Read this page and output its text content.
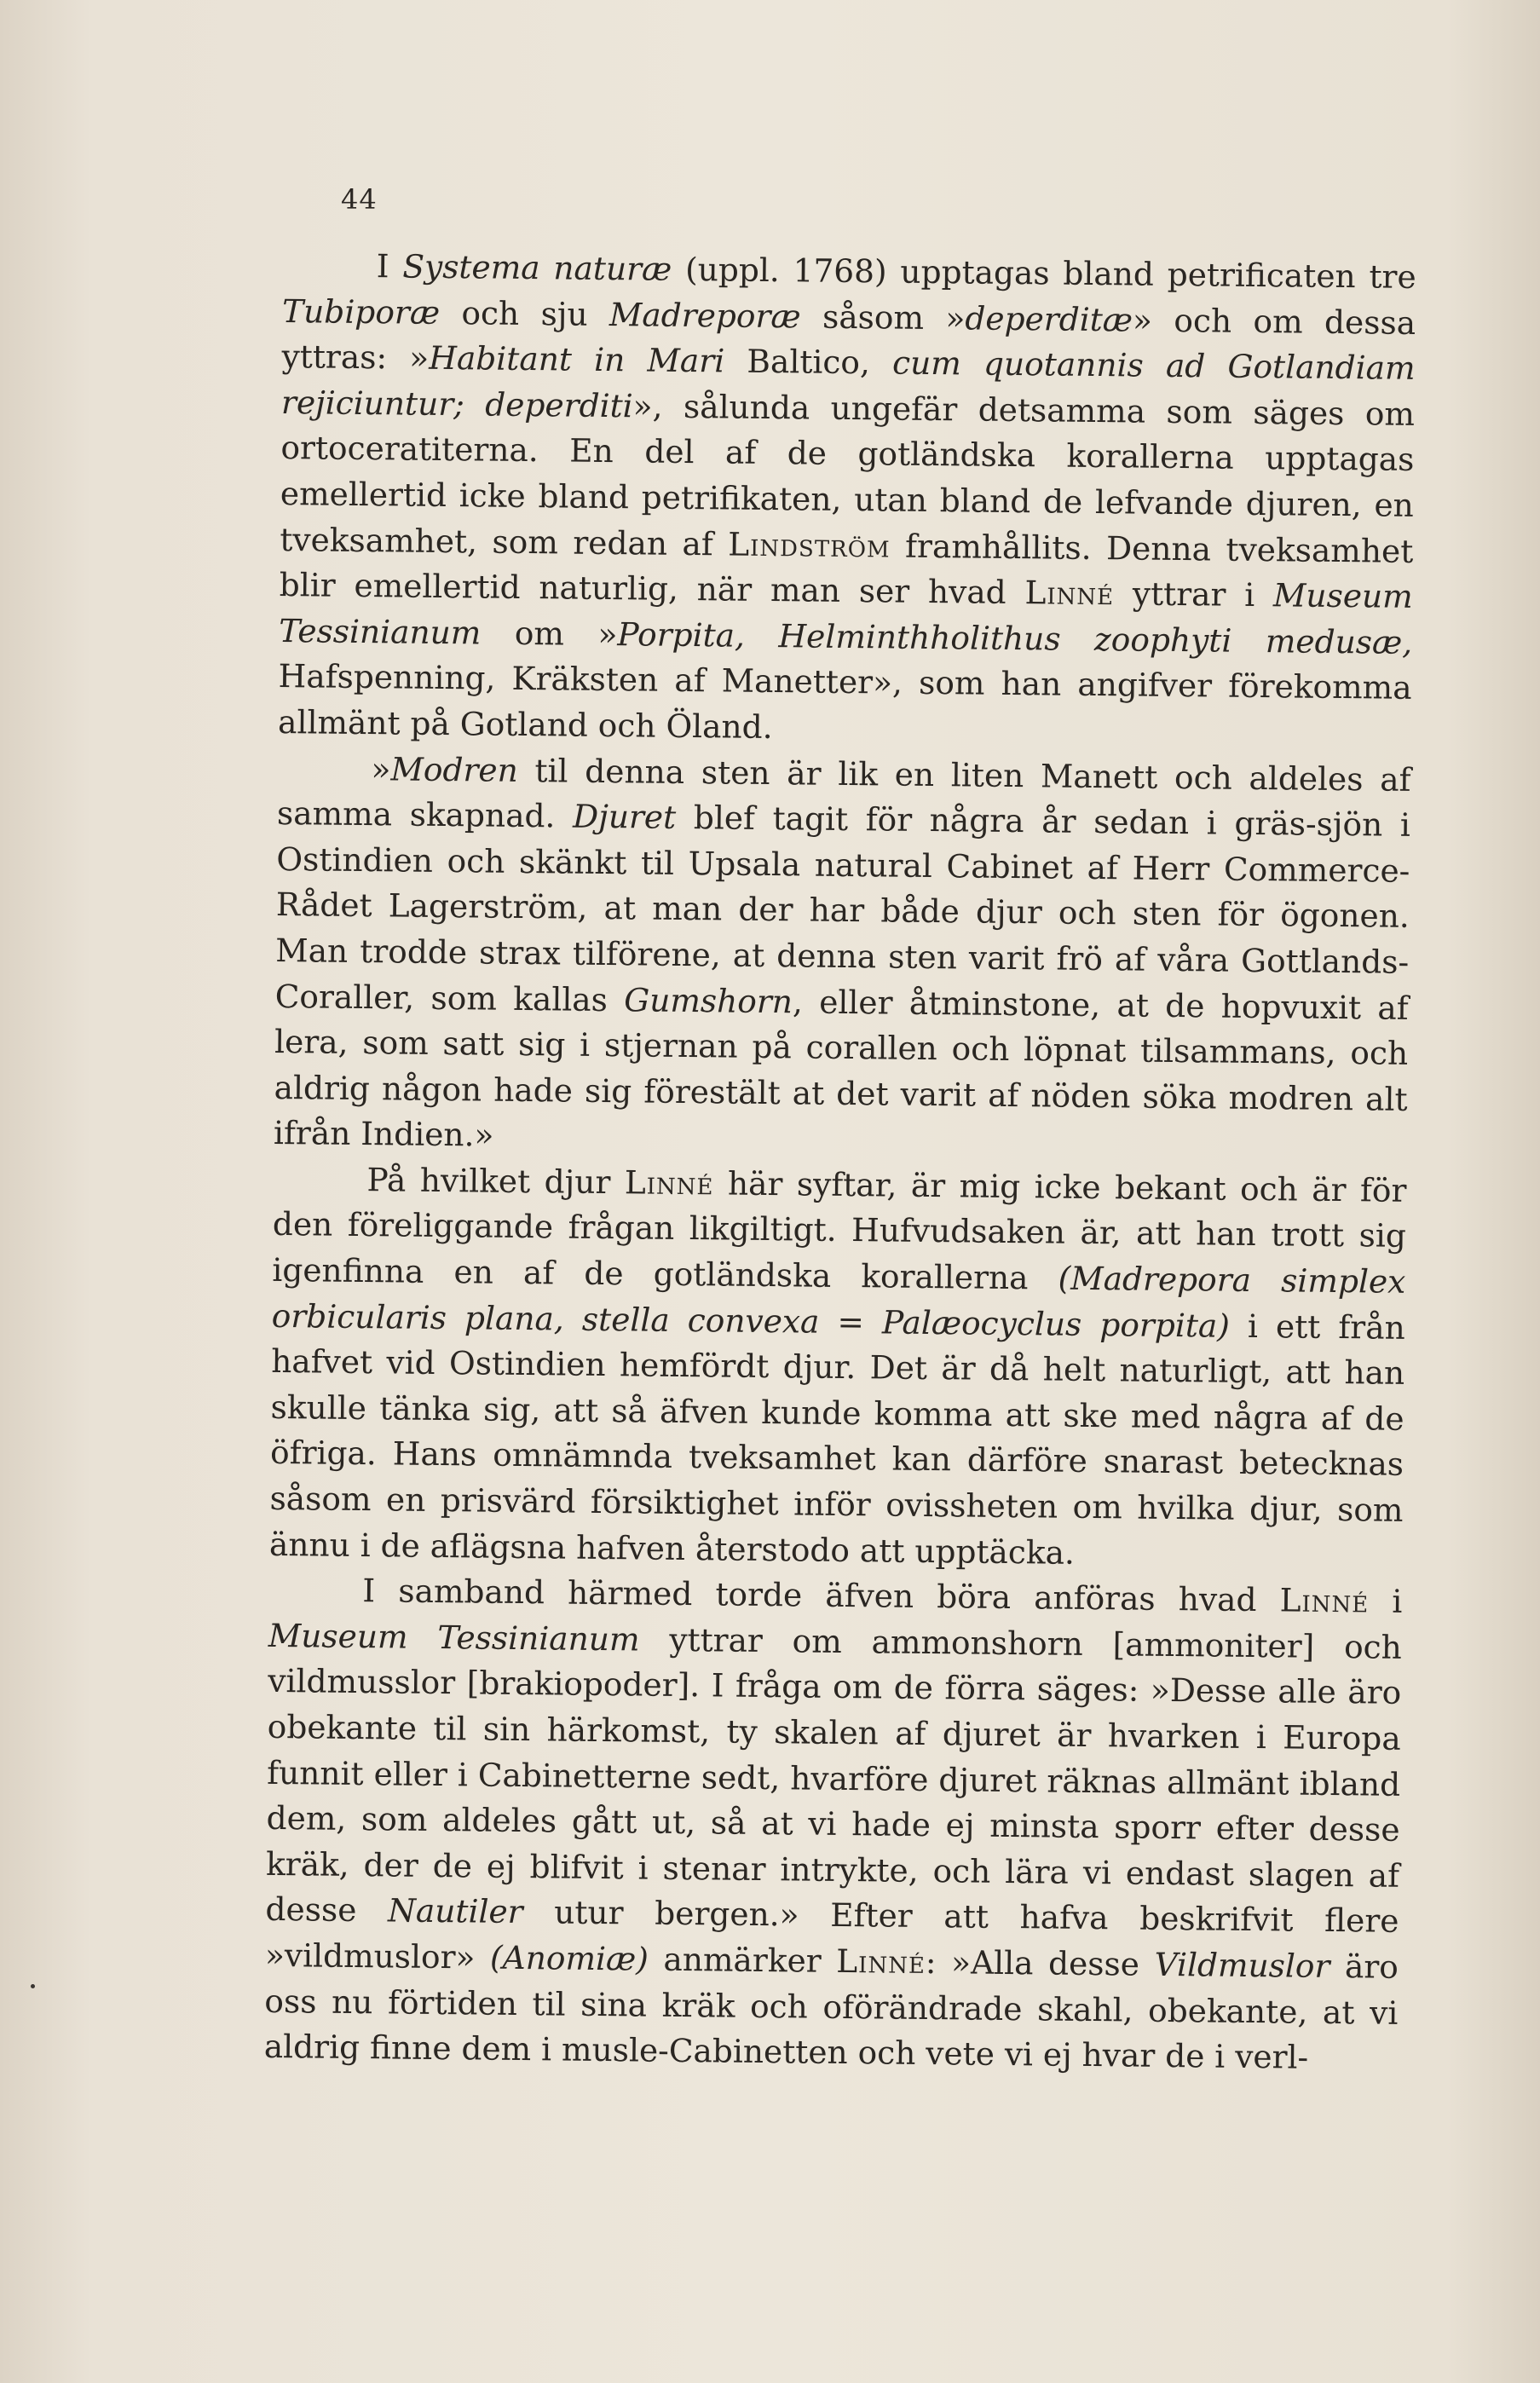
44

I Systema naturæ (uppl. 1768) upptagas bland petrificaten tre Tubiporæ och sju Madreporæ såsom »deperditæ» och om dessa yttras: »Habitant in Mari Baltico, cum quotannis ad Gotlandiam rejiciuntur; deperditi», sålunda ungefär detsamma som säges om ortoceratiterna. En del af de gotländska korallerna upptagas emellertid icke bland petrifikaten, utan bland de lefvande djuren, en tveksamhet, som redan af Lindström framhållits. Denna tveksamhet blir emellertid naturlig, när man ser hvad Linné yttrar i Museum Tessinianum om »Porpita, Helminthholithus zoophyti medusæ, Hafspenning, Kräksten af Manetter», som han angifver förekomma allmänt på Gotland och Öland.

»Modren til denna sten är lik en liten Manett och aldeles af samma skapnad. Djuret blef tagit för några år sedan i gräs-sjön i Ostindien och skänkt til Upsala natural Cabinet af Herr Commerce-Rådet Lagerström, at man der har både djur och sten för ögonen. Man trodde strax tilförene, at denna sten varit frö af våra Gottlands-Coraller, som kallas Gumshorn, eller åtminstone, at de hopvuxit af lera, som satt sig i stjernan på corallen och löpnat tilsammans, och aldrig någon hade sig förestält at det varit af nöden söka modren alt ifrån Indien.»

På hvilket djur Linné här syftar, är mig icke bekant och är för den föreliggande frågan likgiltigt. Hufvudsaken är, att han trott sig igenfinna en af de gotländska korallerna (Madrepora simplex orbicularis plana, stella convexa = Palæocyclus porpita) i ett från hafvet vid Ostindien hemfördt djur. Det är då helt naturligt, att han skulle tänka sig, att så äfven kunde komma att ske med några af de öfriga. Hans omnämnda tveksamhet kan därföre snarast betecknas såsom en prisvärd försiktighet inför ovissheten om hvilka djur, som ännu i de aflägsna hafven återstodo att upptäcka.

I samband härmed torde äfven böra anföras hvad Linné i Museum Tessinianum yttrar om ammonshorn [ammoniter] och vildmusslor [brakiopoder]. I fråga om de förra säges: »Desse alle äro obekante til sin härkomst, ty skalen af djuret är hvarken i Europa funnit eller i Cabinetterne sedt, hvarföre djuret räknas allmänt ibland dem, som aldeles gått ut, så at vi hade ej minsta sporr efter desse kräk, der de ej blifvit i stenar intrykte, och lära vi endast slagen af desse Nautiler utur bergen.» Efter att hafva beskrifvit flere »vildmuslor» (Anomiæ) anmärker Linné: »Alla desse Vildmuslor äro oss nu förtiden til sina kräk och oförändrade skahl, obekante, at vi aldrig finne dem i musle-Cabinetten och vete vi ej hvar de i verl-
